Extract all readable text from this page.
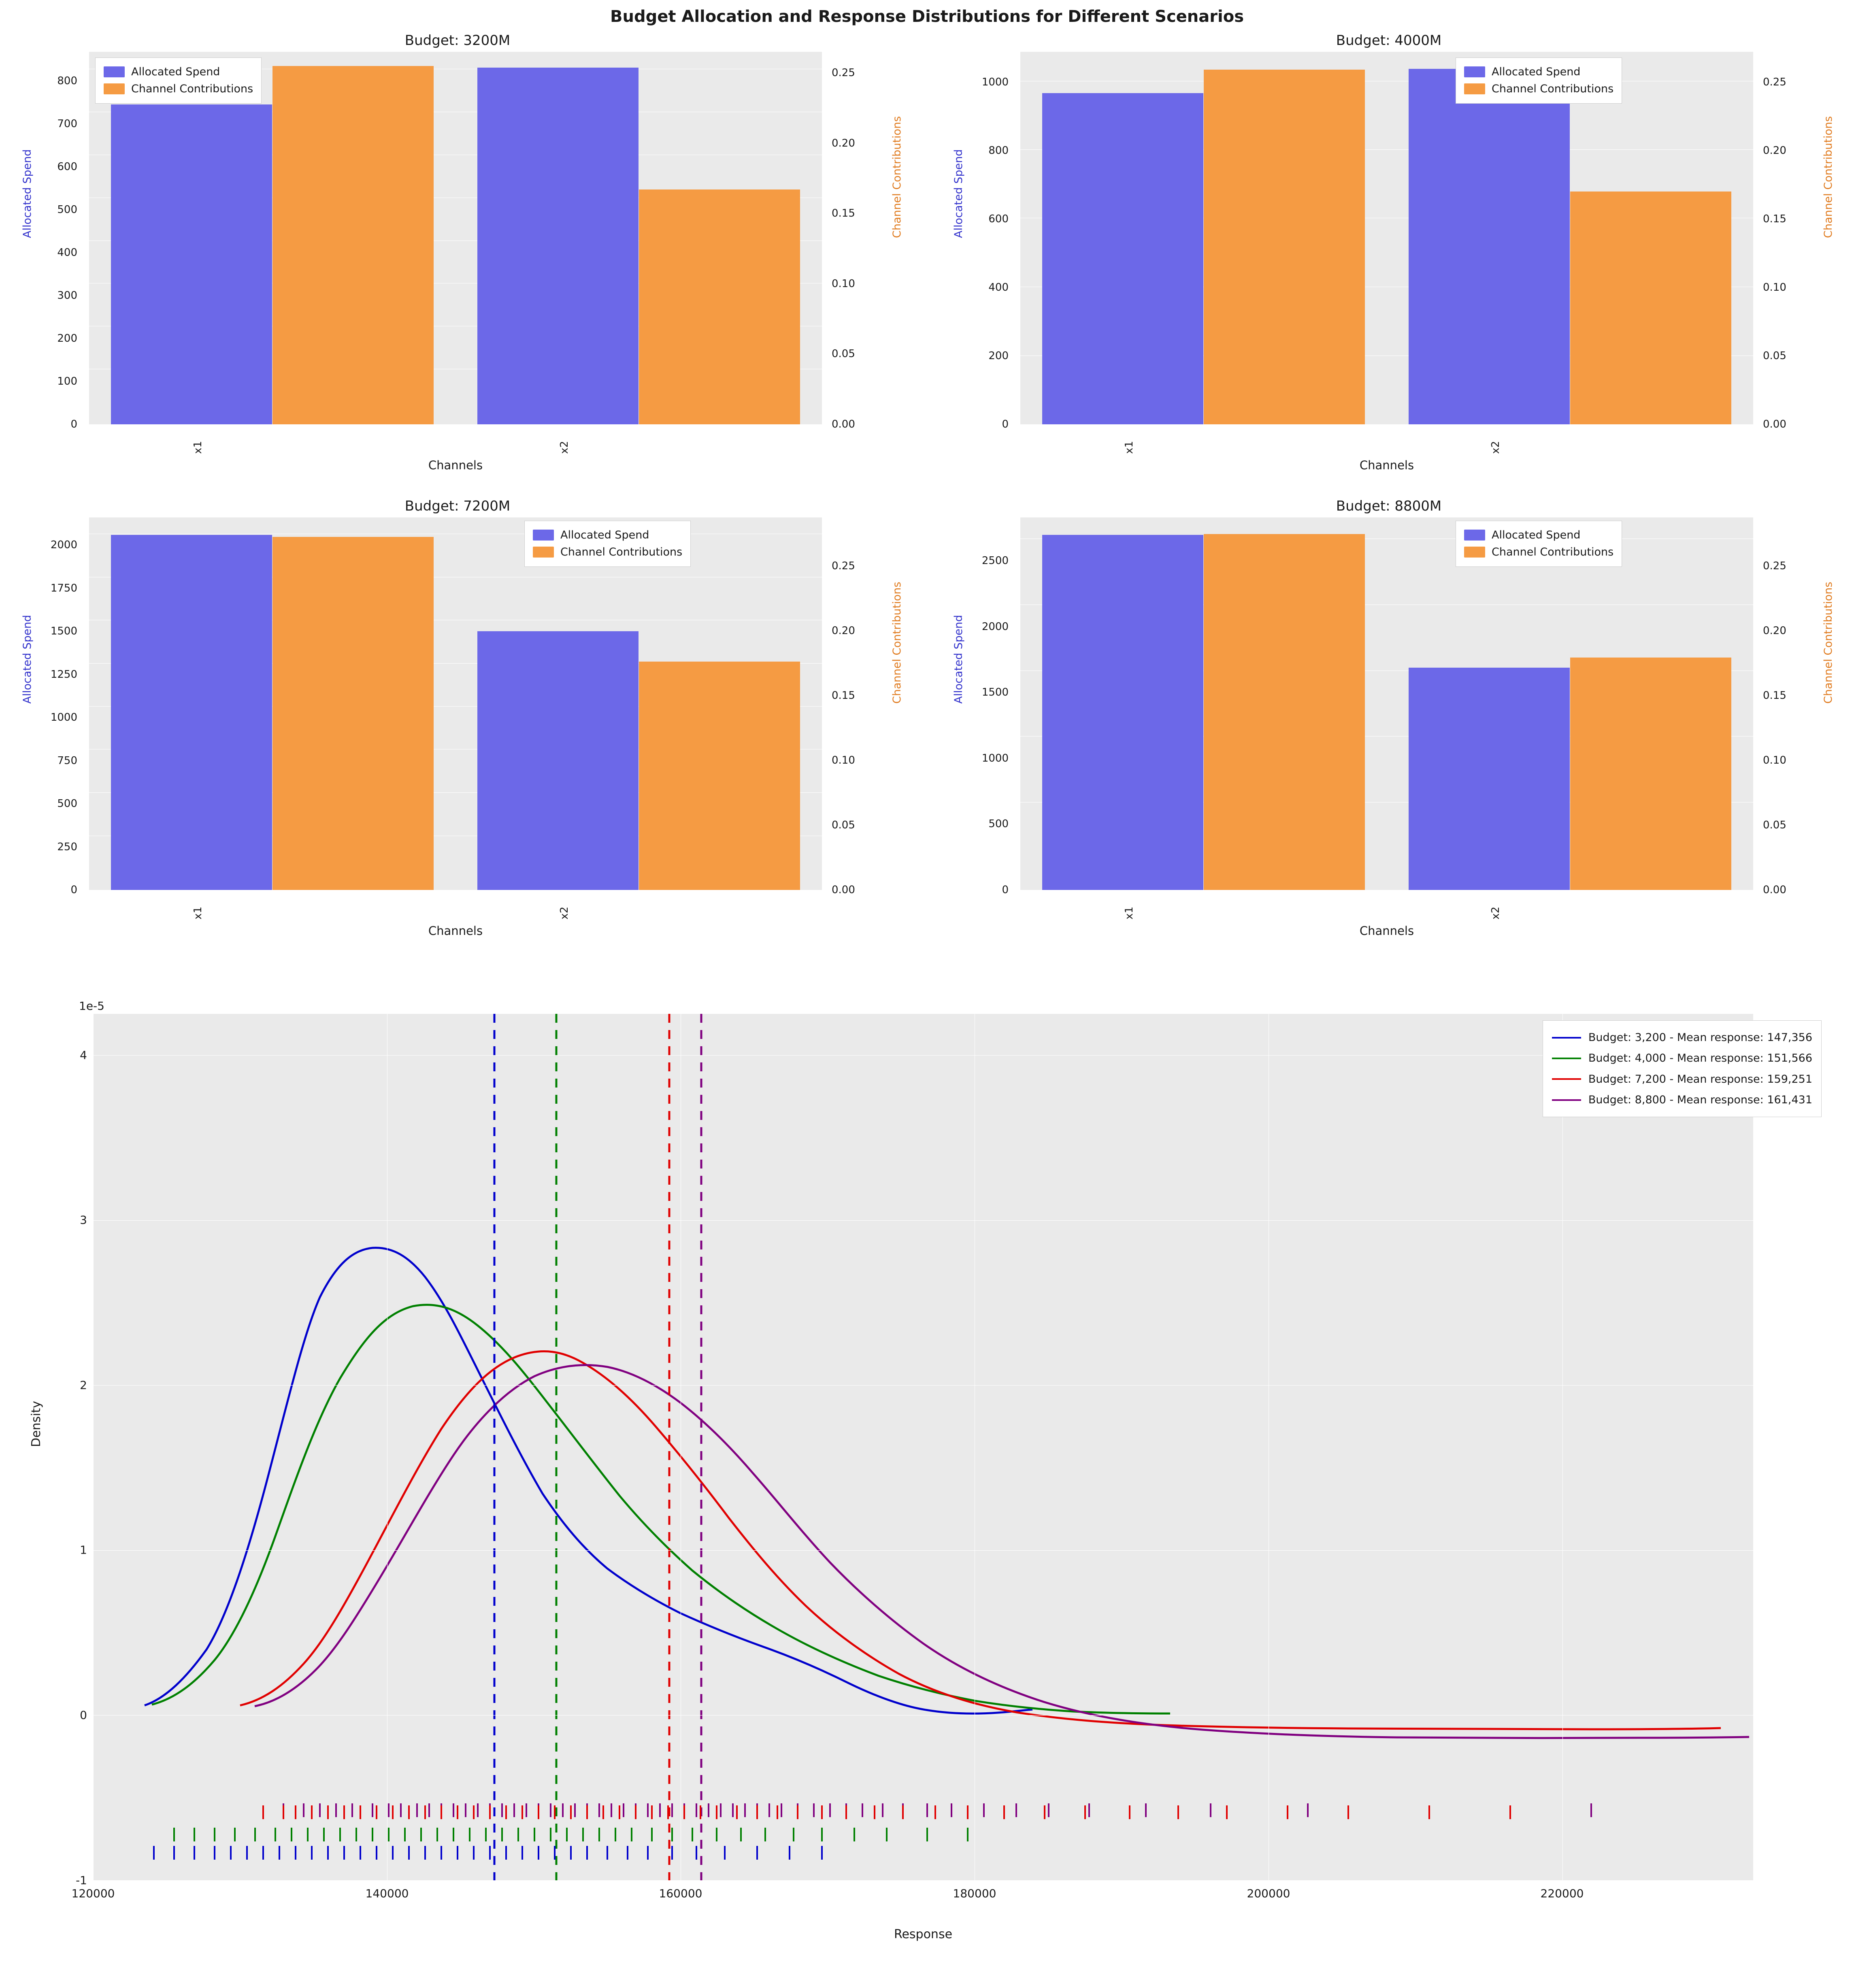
Budget Allocation and Response Distributions for Different Scenarios
Budget: 3200M
Allocated Spend	Channel Contributions
0
100
200
300
400
500
600
700
800
0.00
0.05
0.10
0.15
0.20
0.25
x1	x2
Channels
Allocated Spend
Channel Contributions
Budget: 4000M
Allocated Spend	Channel Contributions
0
200
400
600
800
1000
0.00
0.05
0.10
0.15
0.20
0.25
x1	x2
Channels
Allocated Spend
Channel Contributions
Budget: 7200M
Allocated Spend	Channel Contributions
0
250
500
750
1000
1250
1500
1750
2000
0.00
0.05
0.10
0.15
0.20
0.25
x1	x2
Channels
Allocated Spend
Channel Contributions
Budget: 8800M
Allocated Spend	Channel Contributions
0
500
1000
1500
2000
2500
0.00
0.05
0.10
0.15
0.20
0.25
x1	x2
Channels
Allocated Spend
Channel Contributions
1e-5
Density
Response
-1
0
1
2
3
4
120000	140000	160000	180000	200000	220000
Budget: 3,200 - Mean response: 147,356
Budget: 4,000 - Mean response: 151,566
Budget: 7,200 - Mean response: 159,251
Budget: 8,800 - Mean response: 161,431
